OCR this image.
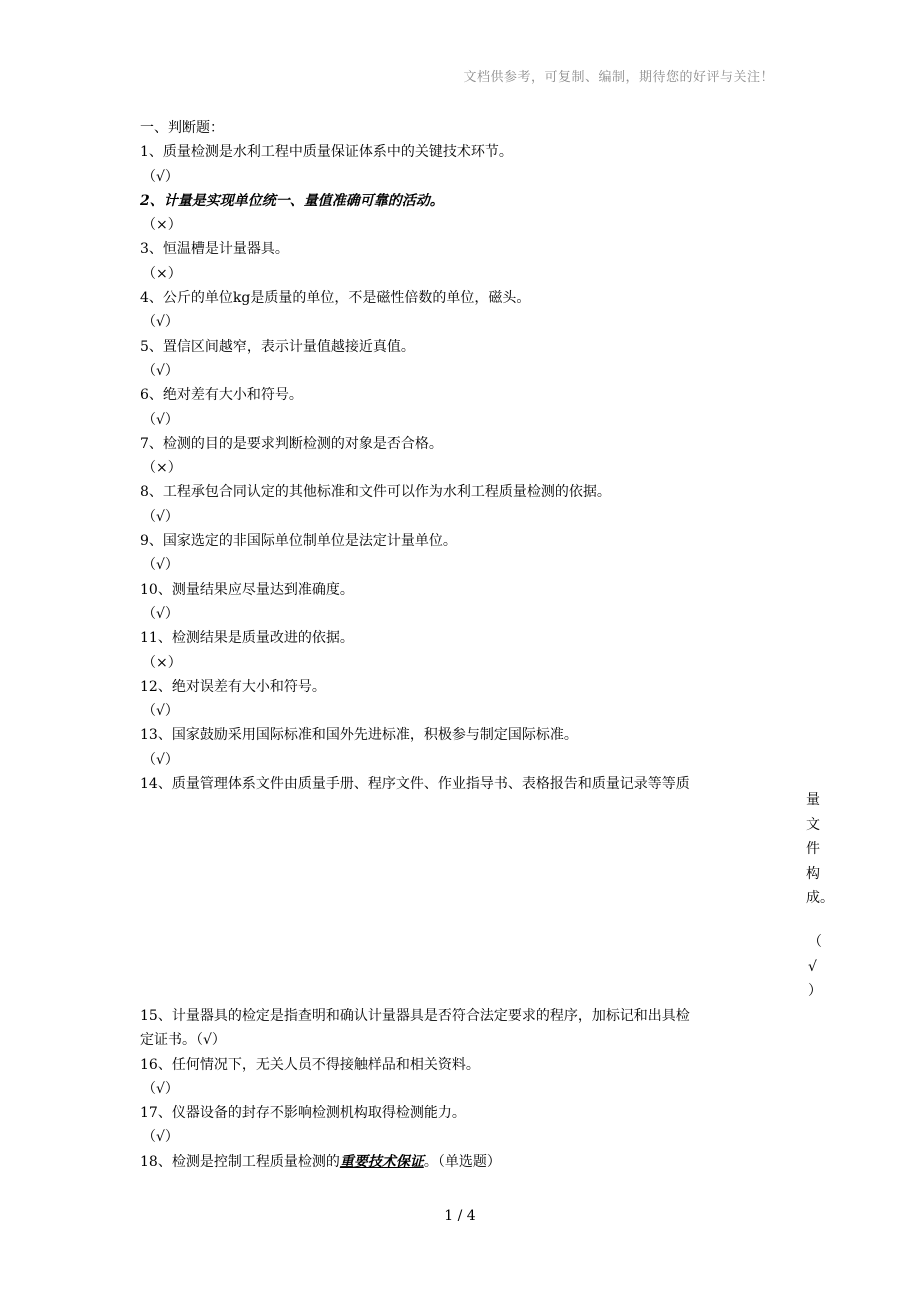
文档供参考，可复制、编制，期待您的好评与关注！
一、判断题：
1、质量检测是水利工程中质量保证体系中的关键技术环节。
（√）
2、计量是实现单位统一、量值准确可靠的活动。
（×）
3、恒温槽是计量器具。
（×）
4、公斤的单位kg是质量的单位，不是磁性倍数的单位，磁头。
（√）
5、置信区间越窄，表示计量值越接近真值。
（√）
6、绝对差有大小和符号。
（√）
7、检测的目的是要求判断检测的对象是否合格。
（×）
8、工程承包合同认定的其他标准和文件可以作为水利工程质量检测的依据。
（√）
9、国家选定的非国际单位制单位是法定计量单位。
（√）
10、测量结果应尽量达到准确度。
（√）
11、检测结果是质量改进的依据。
（×）
12、绝对误差有大小和符号。
（√）
13、国家鼓励采用国际标准和国外先进标准，积极参与制定国际标准。
（√）
14、质量管理体系文件由质量手册、程序文件、作业指导书、表格报告和质量记录等等质
量
文
件
构
成。
（
√
）
15、计量器具的检定是指查明和确认计量器具是否符合法定要求的程序，加标记和出具检
定证书。（√）
16、任何情况下，无关人员不得接触样品和相关资料。
（√）
17、仪器设备的封存不影响检测机构取得检测能力。
（√）
18、检测是控制工程质量检测的重要技术保证。（单选题）
1 / 4
